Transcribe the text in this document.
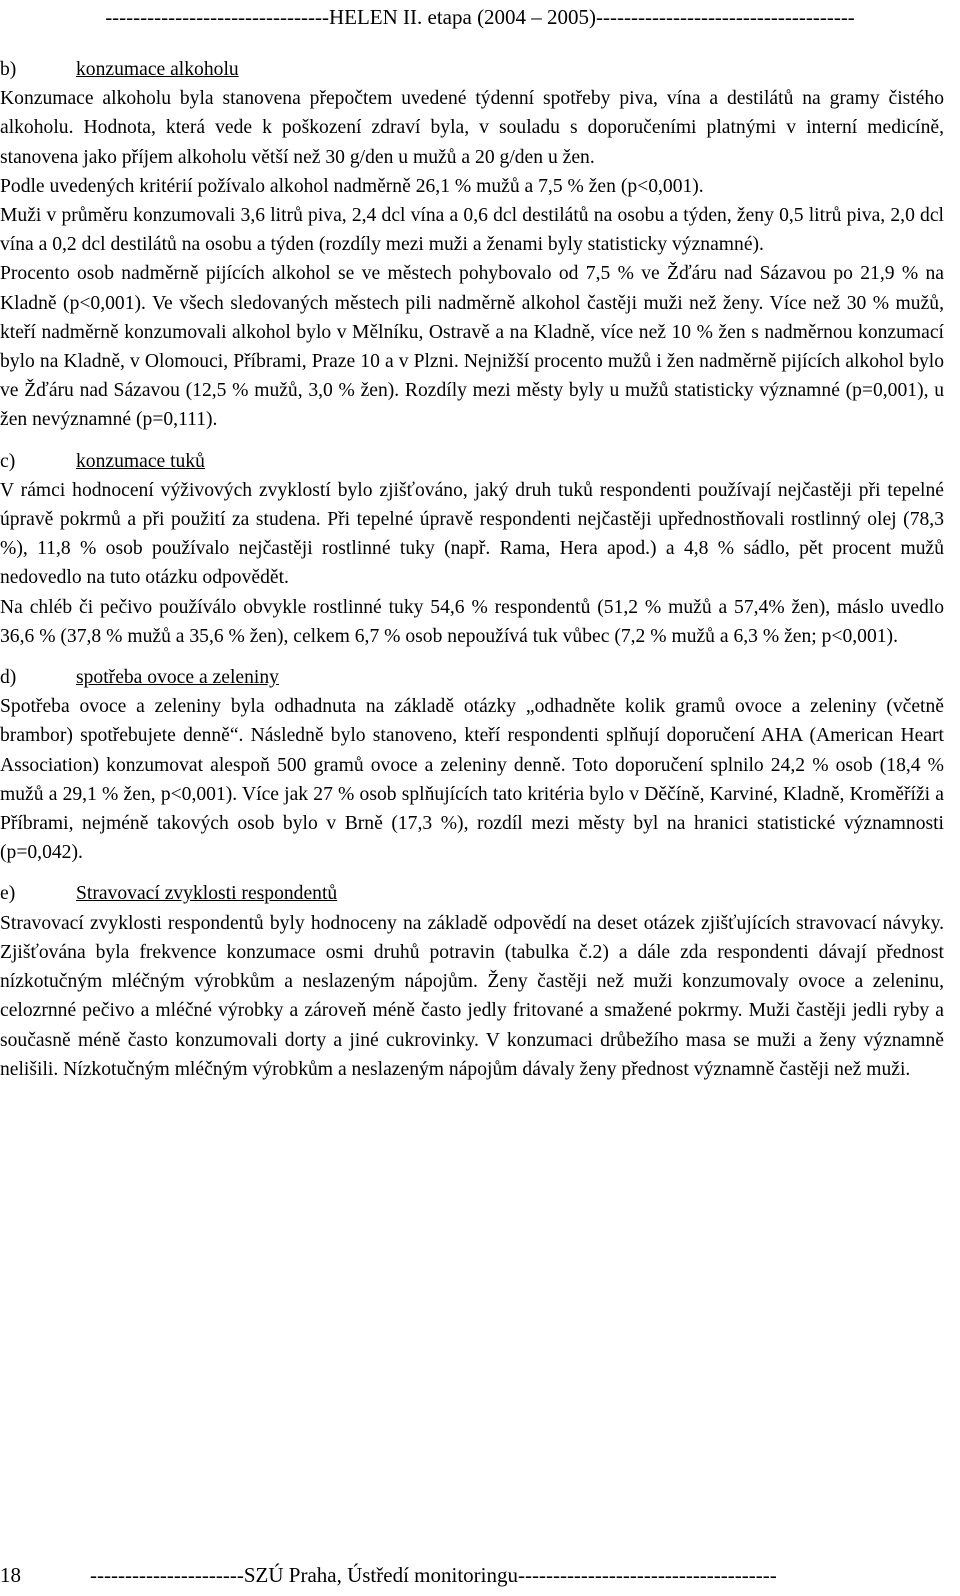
--------------------------------HELEN II. etapa (2004 – 2005)-------------------------------------
b)	konzumace alkoholu

Konzumace alkoholu byla stanovena přepočtem uvedené týdenní spotřeby piva, vína a destilátů na gramy čistého alkoholu. Hodnota, která vede k poškození zdraví byla, v souladu s doporučeními platnými v interní medicíně, stanovena jako příjem alkoholu větší než 30 g/den u mužů a 20 g/den u žen.

Podle uvedených kritérií požívalo alkohol nadměrně 26,1 % mužů a 7,5 % žen (p<0,001).

Muži v průměru konzumovali 3,6 litrů piva, 2,4 dcl vína a 0,6 dcl destilátů na osobu a týden, ženy 0,5 litrů piva, 2,0 dcl vína a 0,2 dcl destilátů na osobu a týden (rozdíly mezi muži a ženami byly statisticky významné).

Procento osob nadměrně pijících alkohol se ve městech pohybovalo od 7,5 % ve Žďáru nad Sázavou po 21,9 % na Kladně (p<0,001). Ve všech sledovaných městech pili nadměrně alkohol častěji muži než ženy. Více než 30 % mužů, kteří nadměrně konzumovali alkohol bylo v Mělníku, Ostravě a na Kladně, více než 10 % žen s nadměrnou konzumací bylo na Kladně, v Olomouci, Příbrami, Praze 10 a v Plzni. Nejnižší procento mužů i žen nadměrně pijících alkohol bylo ve Žďáru nad Sázavou (12,5 % mužů, 3,0 % žen). Rozdíly mezi městy byly u mužů statisticky významné (p=0,001), u žen nevýznamné (p=0,111).

c)	konzumace tuků

V rámci hodnocení výživových zvyklostí bylo zjišťováno, jaký druh tuků respondenti používají nejčastěji při tepelné úpravě pokrmů a při použití za studena. Při tepelné úpravě respondenti nejčastěji upřednostňovali rostlinný olej (78,3 %), 11,8 % osob používalo nejčastěji rostlinné tuky (např. Rama, Hera apod.) a 4,8 % sádlo, pět procent mužů nedovedlo na tuto otázku odpovědět.

Na chléb či pečivo používálo obvykle rostlinné tuky 54,6 % respondentů (51,2 % mužů a 57,4% žen), máslo uvedlo 36,6 % (37,8 % mužů a 35,6 % žen), celkem 6,7 % osob nepoužívá tuk vůbec (7,2 % mužů a 6,3 % žen; p<0,001).

d)	spotřeba ovoce a zeleniny

Spotřeba ovoce a zeleniny byla odhadnuta na základě otázky „odhadněte kolik gramů ovoce a zeleniny (včetně brambor) spotřebujete denně“. Následně bylo stanoveno, kteří respondenti splňují doporučení AHA (American Heart Association) konzumovat alespoň 500 gramů ovoce a zeleniny denně. Toto doporučení splnilo 24,2 % osob (18,4 % mužů a 29,1 % žen, p<0,001). Více jak 27 % osob splňujících tato kritéria bylo v Děčíně, Karviné, Kladně, Kroměříži a Příbrami, nejméně takových osob bylo v Brně (17,3 %), rozdíl mezi městy byl na hranici statistické významnosti (p=0,042).

e)	Stravovací zvyklosti respondentů

Stravovací zvyklosti respondentů byly hodnoceny na základě odpovědí na deset otázek zjišťujících stravovací návyky. Zjišťována byla frekvence konzumace osmi druhů potravin (tabulka č.2) a dále zda respondenti dávají přednost nízkotučným mléčným výrobkům a neslazeným nápojům. Ženy častěji než muži konzumovaly ovoce a zeleninu, celozrnné pečivo a mléčné výrobky a zároveň méně často jedly fritované a smažené pokrmy. Muži častěji jedli ryby a současně méně často konzumovali dorty a jiné cukrovinky. V konzumaci drůbežího masa se muži a ženy významně nelišili. Nízkotučným mléčným výrobkům a neslazeným nápojům dávaly ženy přednost významně častěji než muži.

18	----------------------SZÚ Praha, Ústředí monitoringu-------------------------------------
